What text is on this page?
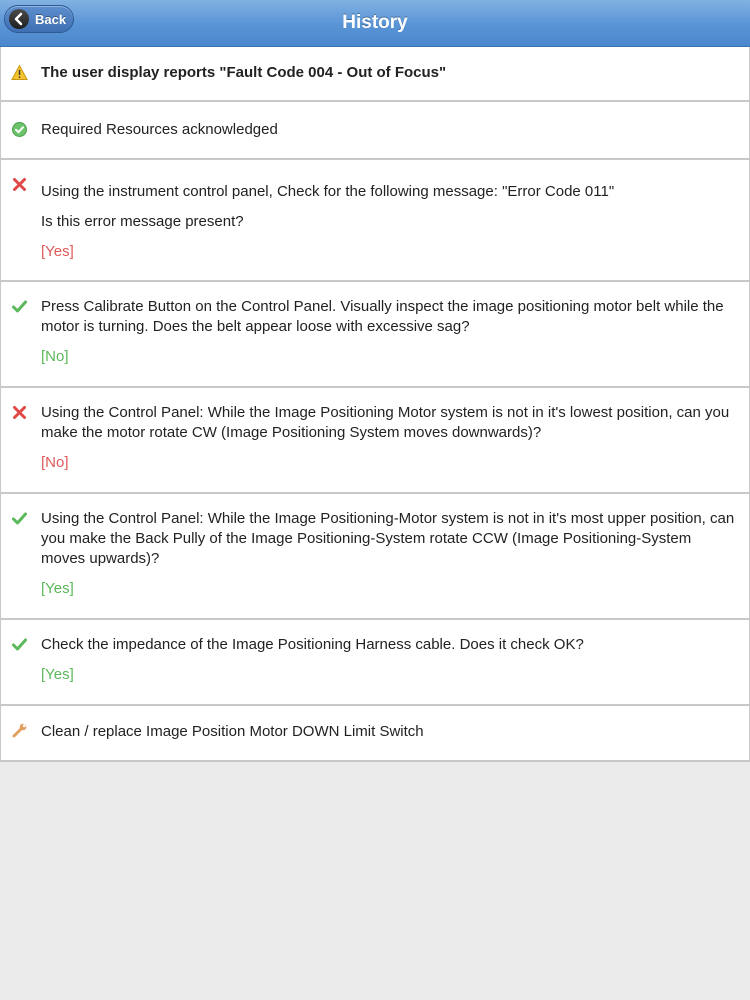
Back	History
The user display reports "Fault Code 004 - Out of Focus"
Required Resources acknowledged
Using the instrument control panel, Check for the following message: "Error Code 011"
Is this error message present?
[Yes]
Press Calibrate Button on the Control Panel. Visually inspect the image positioning motor belt while the motor is turning. Does the belt appear loose with excessive sag?
[No]
Using the Control Panel: While the Image Positioning Motor system is not in it's lowest position, can you make the motor rotate CW (Image Positioning System moves downwards)?
[No]
Using the Control Panel: While the Image Positioning-Motor system is not in it's most upper position, can you make the Back Pully of the Image Positioning-System rotate CCW (Image Positioning-System moves upwards)?
[Yes]
Check the impedance of the Image Positioning Harness cable. Does it check OK?
[Yes]
Clean / replace Image Position Motor DOWN Limit Switch
